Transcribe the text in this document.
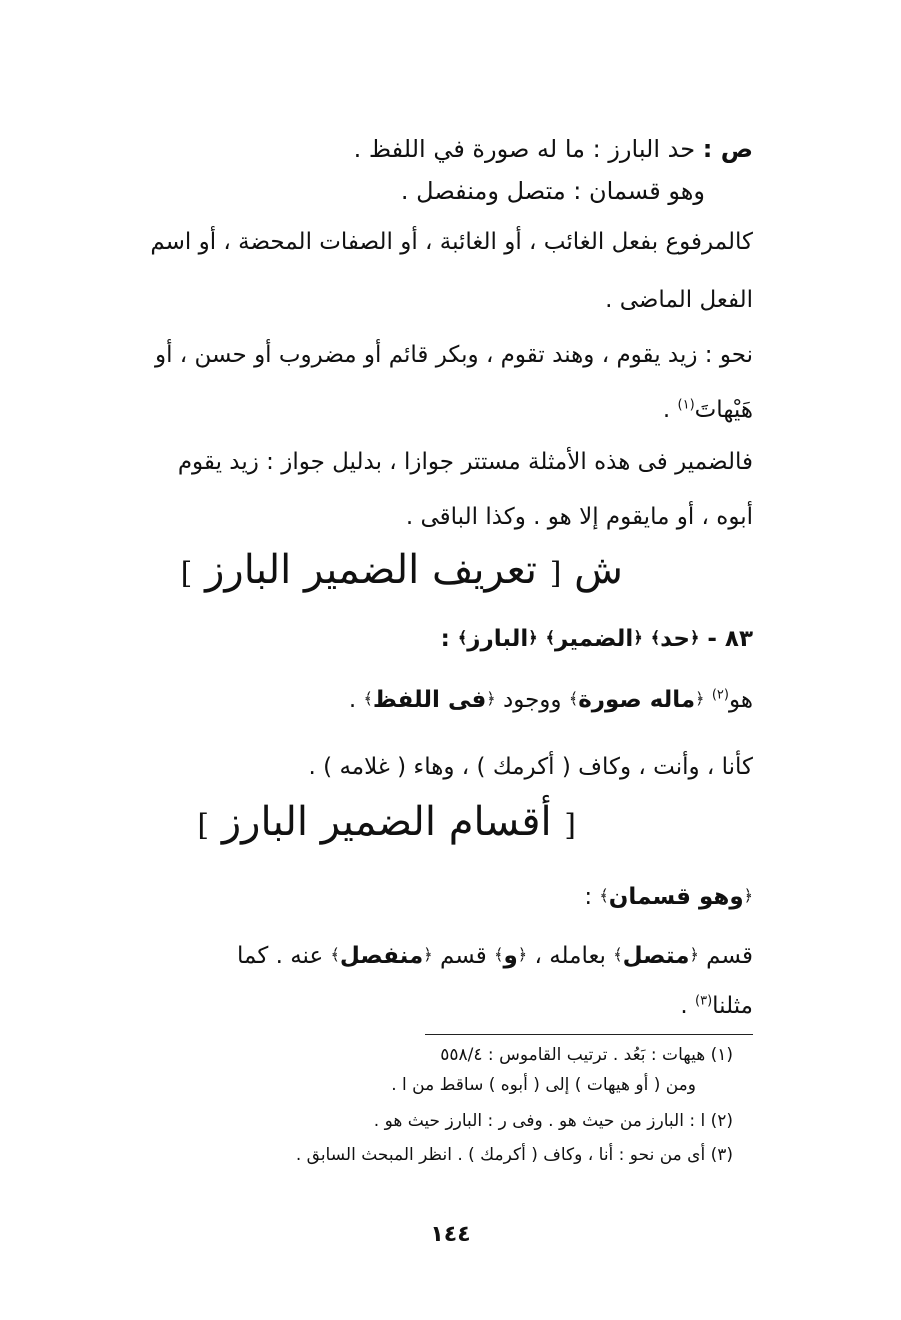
ص : حد البارز : ما له صورة في اللفظ .
وهو قسمان : متصل ومنفصل .
كالمرفوع بفعل الغائب ، أو الغائبة ، أو الصفات المحضة ، أو اسم
الفعل الماضى .
نحو : زيد يقوم ، وهند تقوم ، وبكر قائم أو مضروب أو حسن ، أو
هَيْهاتَ$^{(١)}$ .
فالضمير فى هذه الأمثلة مستتر جوازا ، بدليل جواز : زيد يقوم
أبوه ، أو مايقوم إلا هو . وكذا الباقى .
ش [ تعريف الضمير البارز ]
٨٣ - ﴿حد﴾ ﴿الضمير﴾ ﴿البارز﴾ :
هو$^{(٢)}$ ﴿ماله صورة﴾ ووجود ﴿فى اللفظ﴾ .
كأنا ، وأنت ، وكاف ( أكرمك ) ، وهاء ( غلامه ) .
[ أقسام الضمير البارز ]
﴿وهو قسمان﴾ :
قسم ﴿متصل﴾ بعامله ، ﴿و﴾ قسم ﴿منفصل﴾ عنه . كما
مثلنا$^{(٣)}$ .
(١) هيهات : بَعُد . ترتيب القاموس : ٥٥٨/٤
ومن ( أو هيهات ) إلى ( أبوه ) ساقط من ا .
(٢) ا : البارز من حيث هو . وفى ر : البارز حيث هو .
(٣) أى من نحو : أنا ، وكاف ( أكرمك ) . انظر المبحث السابق .
١٤٤
